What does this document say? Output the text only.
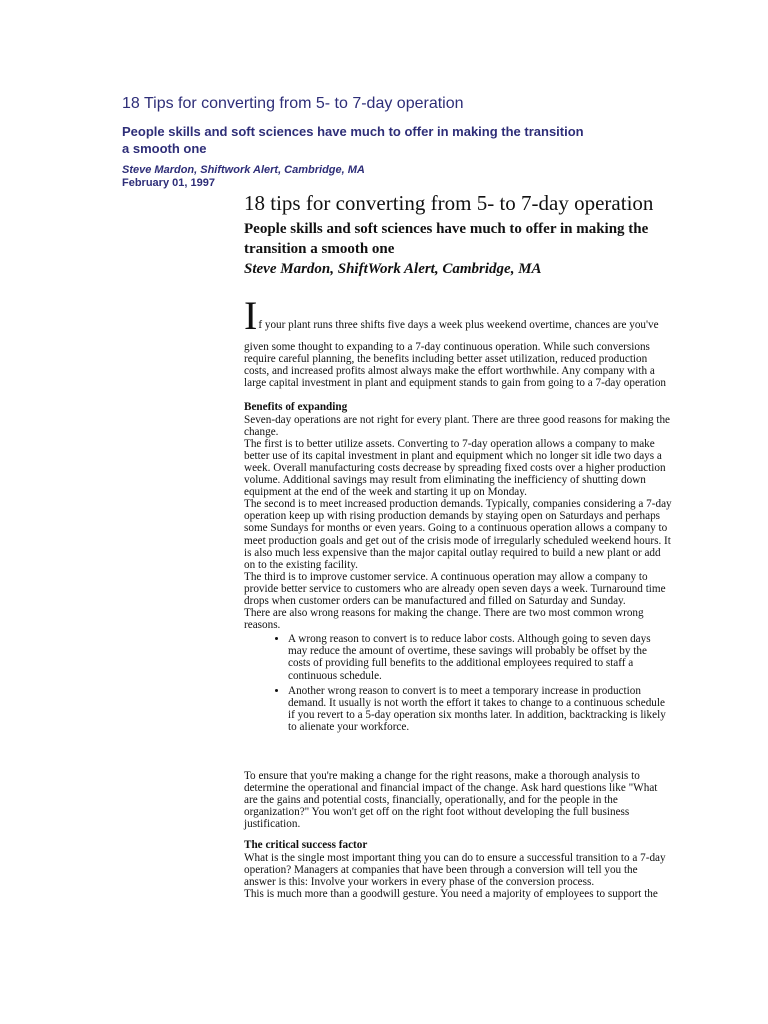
18 Tips for converting from 5- to 7-day operation
People skills and soft sciences have much to offer in making the transition a smooth one
Steve Mardon, Shiftwork Alert, Cambridge, MA
February 01, 1997
18 tips for converting from 5- to 7-day operation
People skills and soft sciences have much to offer in making the transition a smooth one
Steve Mardon, ShiftWork Alert, Cambridge, MA
I f your plant runs three shifts five days a week plus weekend overtime, chances are you've
given some thought to expanding to a 7-day continuous operation. While such conversions require careful planning, the benefits including better asset utilization, reduced production costs, and increased profits almost always make the effort worthwhile. Any company with a large capital investment in plant and equipment stands to gain from going to a 7-day operation

Benefits of expanding

Seven-day operations are not right for every plant. There are three good reasons for making the change.

The first is to better utilize assets. Converting to 7-day operation allows a company to make better use of its capital investment in plant and equipment which no longer sit idle two days a week. Overall manufacturing costs decrease by spreading fixed costs over a higher production volume. Additional savings may result from eliminating the inefficiency of shutting down equipment at the end of the week and starting it up on Monday.

The second is to meet increased production demands. Typically, companies considering a 7-day operation keep up with rising production demands by staying open on Saturdays and perhaps some Sundays for months or even years. Going to a continuous operation allows a company to meet production goals and get out of the crisis mode of irregularly scheduled weekend hours. It is also much less expensive than the major capital outlay required to build a new plant or add on to the existing facility.

The third is to improve customer service. A continuous operation may allow a company to provide better service to customers who are already open seven days a week. Turnaround time drops when customer orders can be manufactured and filled on Saturday and Sunday.

There are also wrong reasons for making the change. There are two most common wrong reasons.

• A wrong reason to convert is to reduce labor costs. Although going to seven days may reduce the amount of overtime, these savings will probably be offset by the costs of providing full benefits to the additional employees required to staff a continuous schedule.
• Another wrong reason to convert is to meet a temporary increase in production demand. It usually is not worth the effort it takes to change to a continuous schedule if you revert to a 5-day operation six months later. In addition, backtracking is likely to alienate your workforce.

To ensure that you're making a change for the right reasons, make a thorough analysis to determine the operational and financial impact of the change. Ask hard questions like "What are the gains and potential costs, financially, operationally, and for the people in the organization?" You won't get off on the right foot without developing the full business justification.

The critical success factor

What is the single most important thing you can do to ensure a successful transition to a 7-day operation? Managers at companies that have been through a conversion will tell you the answer is this: Involve your workers in every phase of the conversion process.

This is much more than a goodwill gesture. You need a majority of employees to support the
